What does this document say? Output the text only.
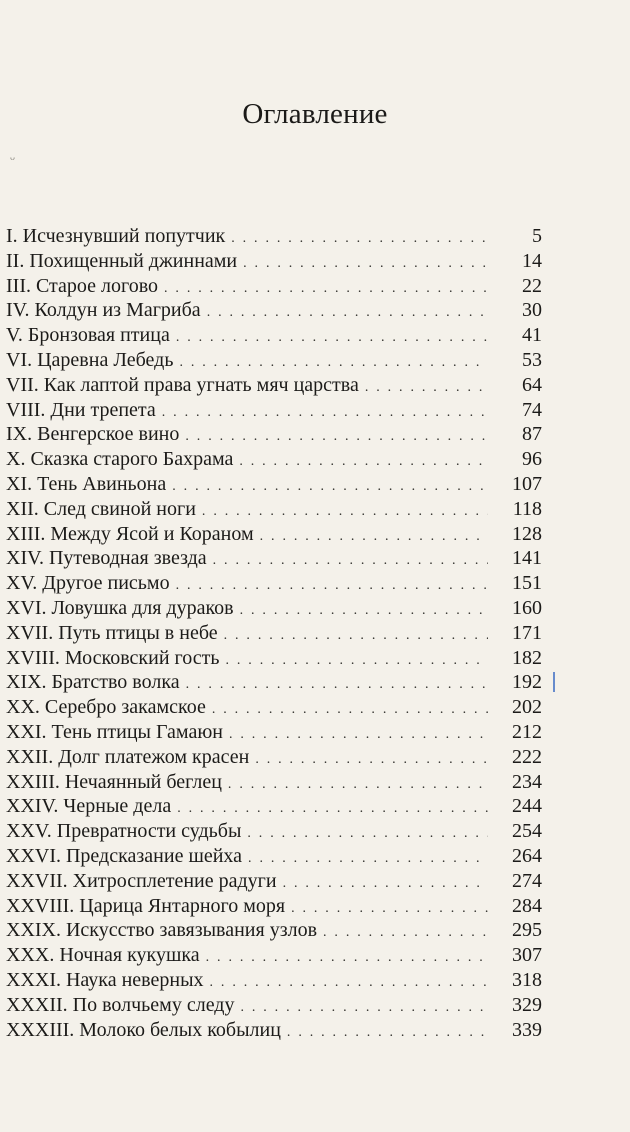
Оглавление
ᴗ
I. Исчезнувший попутчик . . .	5
II. Похищенный джиннами . . .	14
III. Старое логово . . .	22
IV. Колдун из Магриба . . .	30
V. Бронзовая птица . . .	41
VI. Царевна Лебедь . . .	53
VII. Как лаптой права угнать мяч царства . . .	64
VIII. Дни трепета . . .	74
IX. Венгерское вино . . .	87
X. Сказка старого Бахрама . . .	96
XI. Тень Авиньона . . .	107
XII. След свиной ноги . . .	118
XIII. Между Ясой и Кораном . . .	128
XIV. Путеводная звезда . . .	141
XV. Другое письмо . . .	151
XVI. Ловушка для дураков . . .	160
XVII. Путь птицы в небе . . .	171
XVIII. Московский гость . . .	182
XIX. Братство волка . . .	192
XX. Серебро закамское . . .	202
XXI. Тень птицы Гамаюн . . .	212
XXII. Долг платежом красен . . .	222
XXIII. Нечаянный беглец . . .	234
XXIV. Черные дела . . .	244
XXV. Превратности судьбы . . .	254
XXVI. Предсказание шейха . . .	264
XXVII. Хитросплетение радуги . . .	274
XXVIII. Царица Янтарного моря . . .	284
XXIX. Искусство завязывания узлов . . .	295
XXX. Ночная кукушка . . .	307
XXXI. Наука неверных . . .	318
XXXII. По волчьему следу . . .	329
XXXIII. Молоко белых кобылиц . . .	339
